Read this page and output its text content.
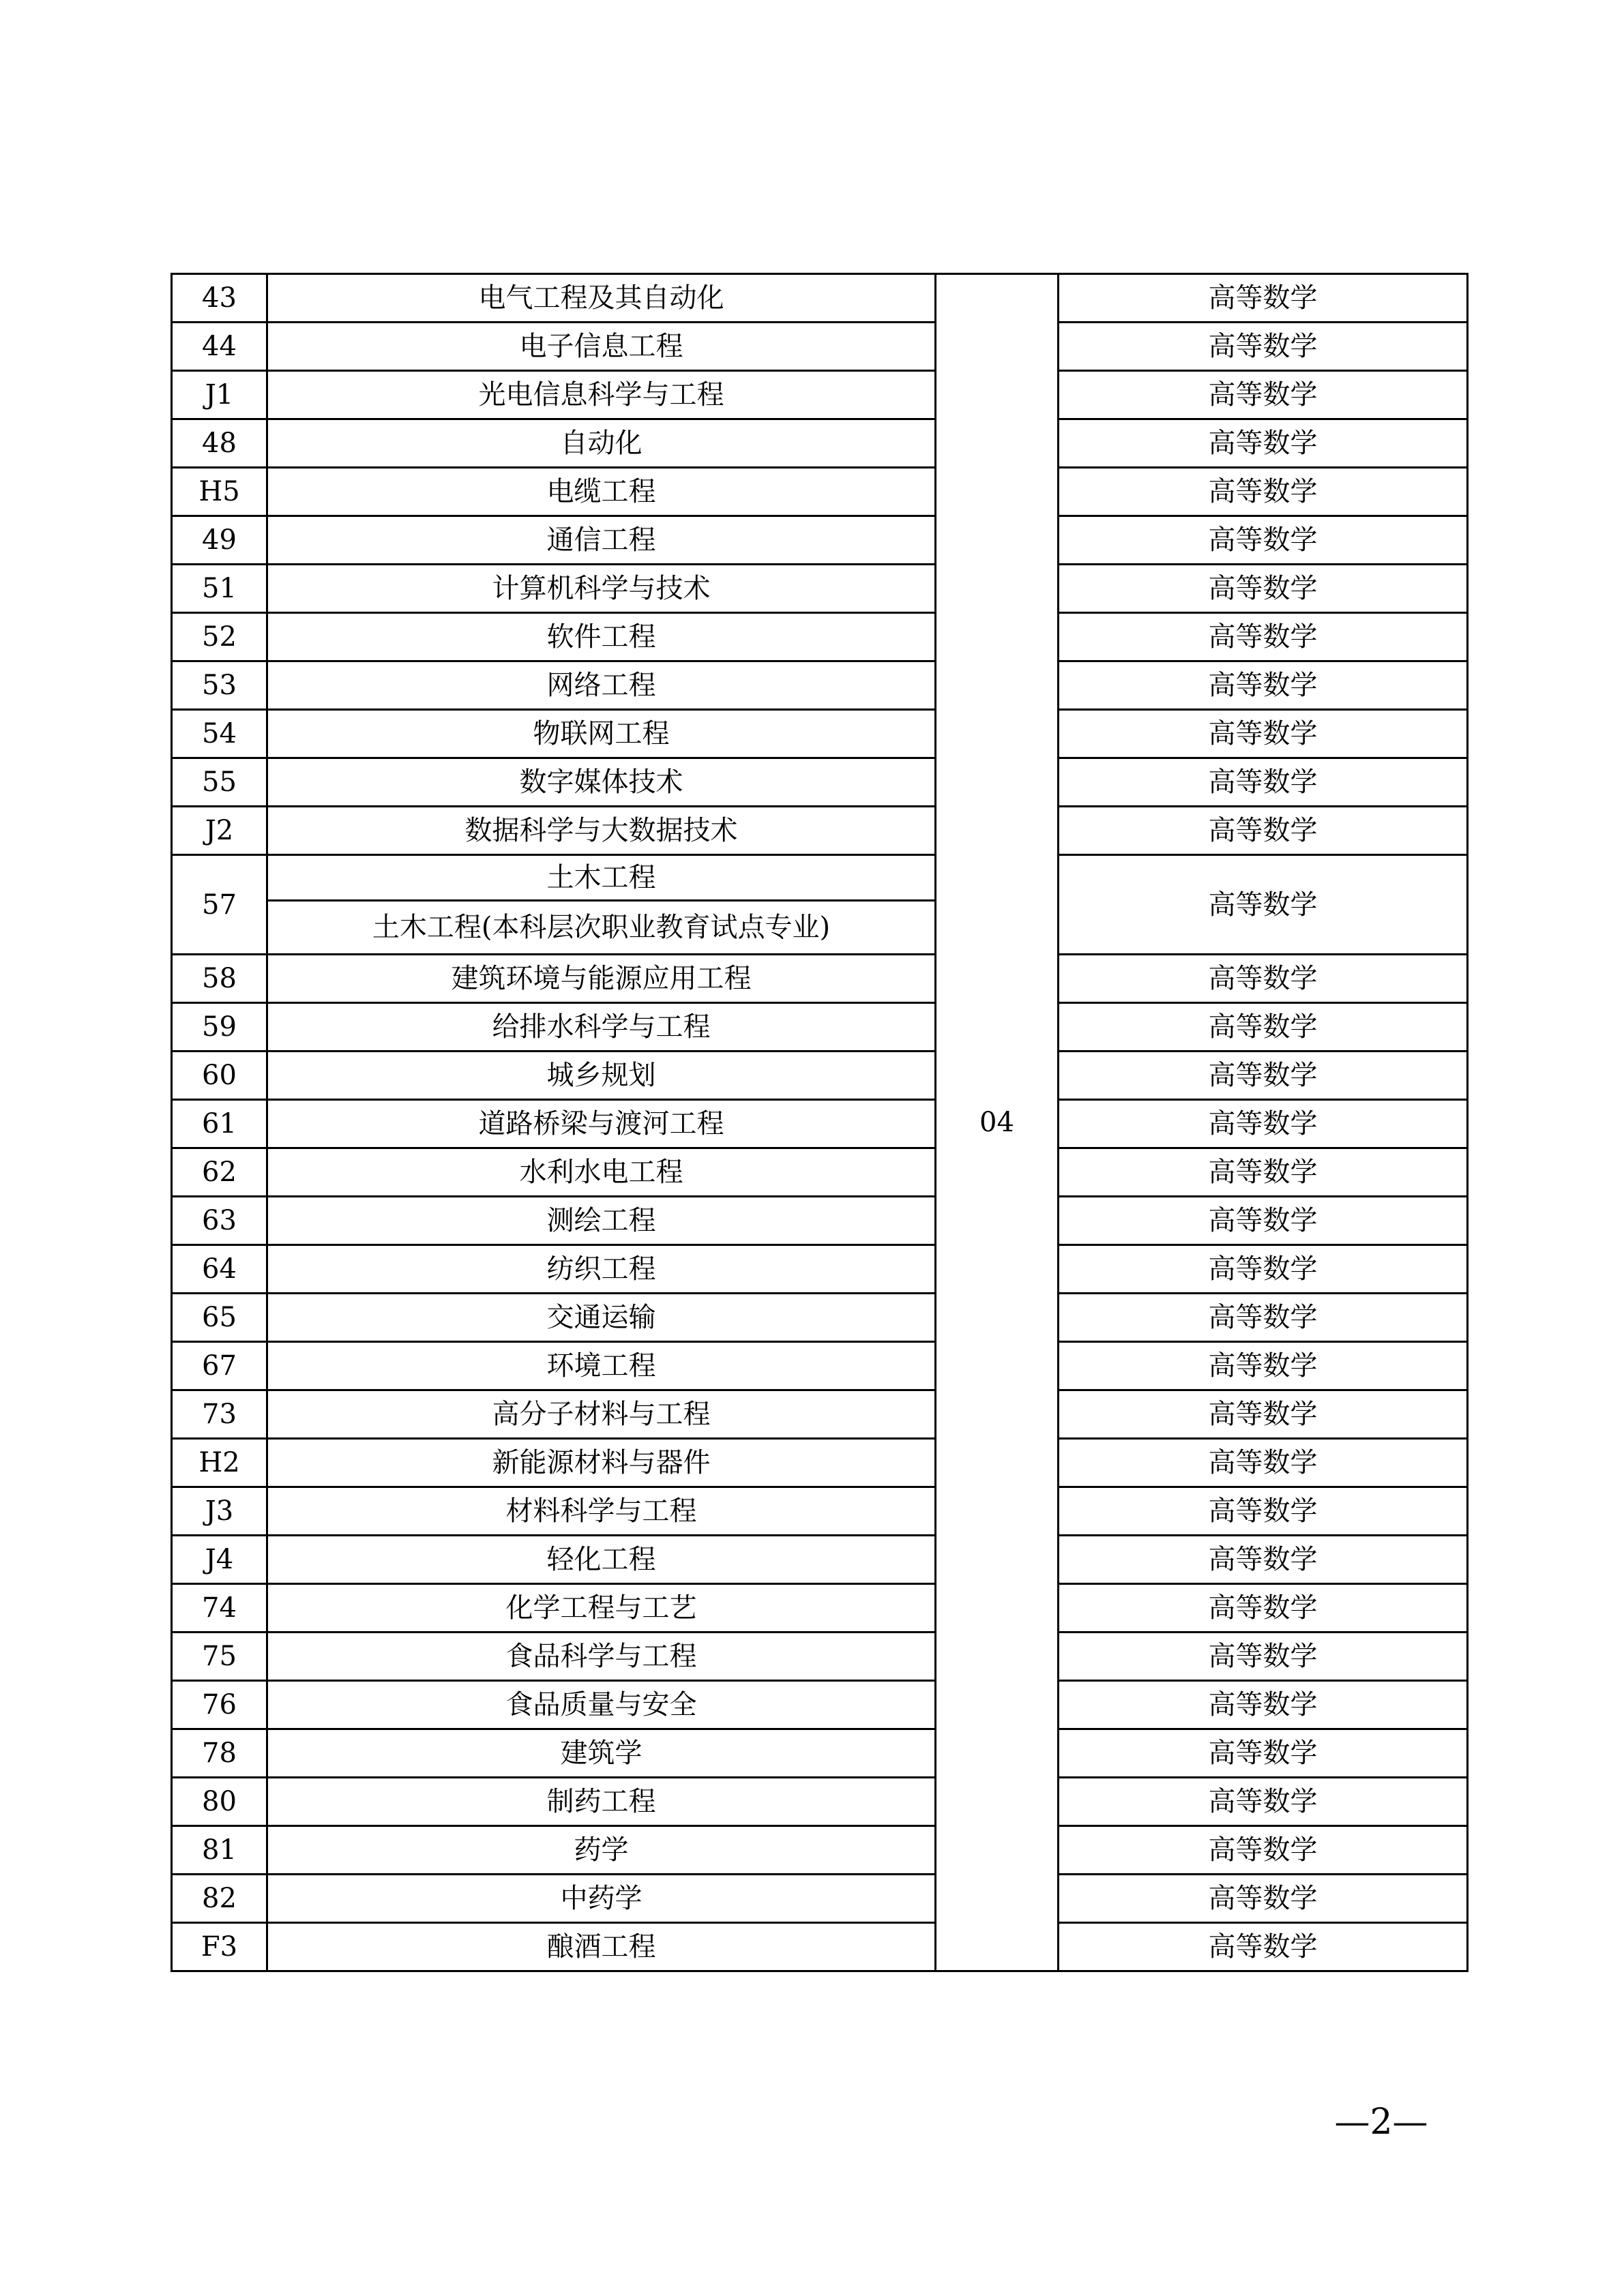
43	电气工程及其自动化	04	高等数学
44	电子信息工程		高等数学
J1	光电信息科学与工程		高等数学
48	自动化		高等数学
H5	电缆工程		高等数学
49	通信工程		高等数学
51	计算机科学与技术		高等数学
52	软件工程		高等数学
53	网络工程		高等数学
54	物联网工程		高等数学
55	数字媒体技术		高等数学
J2	数据科学与大数据技术		高等数学
57	土木工程		高等数学
	土木工程(本科层次职业教育试点专业)		
58	建筑环境与能源应用工程		高等数学
59	给排水科学与工程		高等数学
60	城乡规划		高等数学
61	道路桥梁与渡河工程		高等数学
62	水利水电工程		高等数学
63	测绘工程		高等数学
64	纺织工程		高等数学
65	交通运输		高等数学
67	环境工程		高等数学
73	高分子材料与工程		高等数学
H2	新能源材料与器件		高等数学
J3	材料科学与工程		高等数学
J4	轻化工程		高等数学
74	化学工程与工艺		高等数学
75	食品科学与工程		高等数学
76	食品质量与安全		高等数学
78	建筑学		高等数学
80	制药工程		高等数学
81	药学		高等数学
82	中药学		高等数学
F3	酿酒工程		高等数学
—2—
